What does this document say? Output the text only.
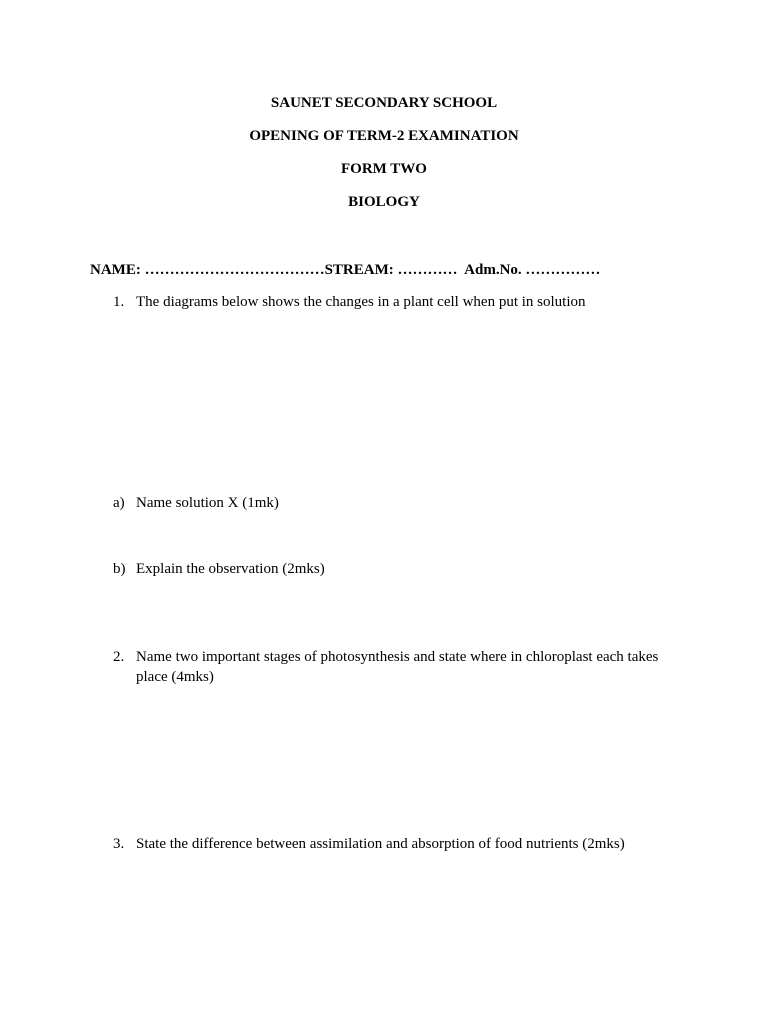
SAUNET SECONDARY SCHOOL
OPENING OF TERM-2 EXAMINATION
FORM TWO
BIOLOGY
NAME: ………………………………STREAM: …………  Adm.No. ……………
1. The diagrams below shows the changes in a plant cell when put in solution
a) Name solution X (1mk)
b) Explain the observation (2mks)
2. Name two important stages of photosynthesis and state where in chloroplast each takes place (4mks)
3. State the difference between assimilation and absorption of food nutrients (2mks)
